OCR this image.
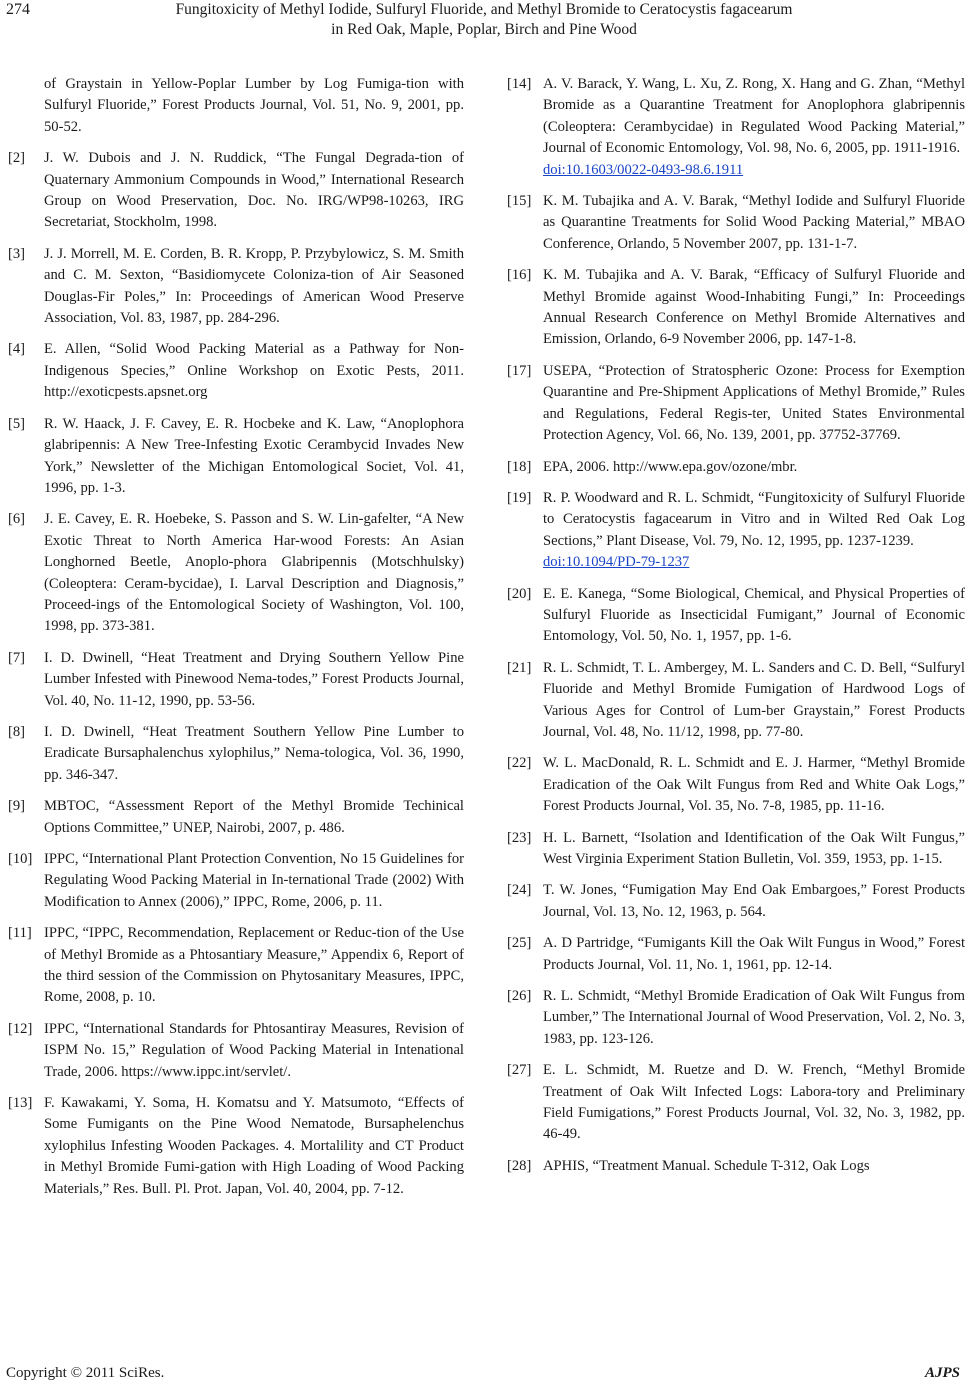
274	Fungitoxicity of Methyl Iodide, Sulfuryl Fluoride, and Methyl Bromide to Ceratocystis fagacearum
in Red Oak, Maple, Poplar, Birch and Pine Wood
of Graystain in Yellow-Poplar Lumber by Log Fumiga-tion with Sulfuryl Fluoride,” Forest Products Journal, Vol. 51, No. 9, 2001, pp. 50-52.
[2] J. W. Dubois and J. N. Ruddick, “The Fungal Degrada-tion of Quaternary Ammonium Compounds in Wood,” International Research Group on Wood Preservation, Doc. No. IRG/WP98-10263, IRG Secretariat, Stockholm, 1998.
[3] J. J. Morrell, M. E. Corden, B. R. Kropp, P. Przybylowicz, S. M. Smith and C. M. Sexton, “Basidiomycete Coloniza-tion of Air Seasoned Douglas-Fir Poles,” In: Proceedings of American Wood Preserve Association, Vol. 83, 1987, pp. 284-296.
[4] E. Allen, “Solid Wood Packing Material as a Pathway for Non-Indigenous Species,” Online Workshop on Exotic Pests, 2011. http://exoticpests.apsnet.org
[5] R. W. Haack, J. F. Cavey, E. R. Hocbeke and K. Law, “Anoplophora glabripennis: A New Tree-Infesting Exotic Cerambycid Invades New York,” Newsletter of the Michigan Entomological Societ, Vol. 41, 1996, pp. 1-3.
[6] J. E. Cavey, E. R. Hoebeke, S. Passon and S. W. Lin-gafelter, “A New Exotic Threat to North America Har-wood Forests: An Asian Longhorned Beetle, Anoplo-phora Glabripennis (Motschhulsky) (Coleoptera: Ceram-bycidae), I. Larval Description and Diagnosis,” Proceed-ings of the Entomological Society of Washington, Vol. 100, 1998, pp. 373-381.
[7] I. D. Dwinell, “Heat Treatment and Drying Southern Yellow Pine Lumber Infested with Pinewood Nema-todes,” Forest Products Journal, Vol. 40, No. 11-12, 1990, pp. 53-56.
[8] I. D. Dwinell, “Heat Treatment Southern Yellow Pine Lumber to Eradicate Bursaphalenchus xylophilus,” Nema-tologica, Vol. 36, 1990, pp. 346-347.
[9] MBTOC, “Assessment Report of the Methyl Bromide Techinical Options Committee,” UNEP, Nairobi, 2007, p. 486.
[10] IPPC, “International Plant Protection Convention, No 15 Guidelines for Regulating Wood Packing Material in In-ternational Trade (2002) With Modification to Annex (2006),” IPPC, Rome, 2006, p. 11.
[11] IPPC, “IPPC, Recommendation, Replacement or Reduc-tion of the Use of Methyl Bromide as a Phtosantiary Measure,” Appendix 6, Report of the third session of the Commission on Phytosanitary Measures, IPPC, Rome, 2008, p. 10.
[12] IPPC, “International Standards for Phtosantiray Measures, Revision of ISPM No. 15,” Regulation of Wood Packing Material in Intenational Trade, 2006. https://www.ippc.int/servlet/.
[13] F. Kawakami, Y. Soma, H. Komatsu and Y. Matsumoto, “Effects of Some Fumigants on the Pine Wood Nematode, Bursaphelenchus xylophilus Infesting Wooden Packages. 4. Mortalility and CT Product in Methyl Bromide Fumi-gation with High Loading of Wood Packing Materials,” Res. Bull. Pl. Prot. Japan, Vol. 40, 2004, pp. 7-12.
[14] A. V. Barack, Y. Wang, L. Xu, Z. Rong, X. Hang and G. Zhan, “Methyl Bromide as a Quarantine Treatment for Anoplophora glabripennis (Coleoptera: Cerambycidae) in Regulated Wood Packing Material,” Journal of Economic Entomology, Vol. 98, No. 6, 2005, pp. 1911-1916.
doi:10.1603/0022-0493-98.6.1911
[15] K. M. Tubajika and A. V. Barak, “Methyl Iodide and Sulfuryl Fluoride as Quarantine Treatments for Solid Wood Packing Material,” MBAO Conference, Orlando, 5 November 2007, pp. 131-1-7.
[16] K. M. Tubajika and A. V. Barak, “Efficacy of Sulfuryl Fluoride and Methyl Bromide against Wood-Inhabiting Fungi,” In: Proceedings Annual Research Conference on Methyl Bromide Alternatives and Emission, Orlando, 6-9 November 2006, pp. 147-1-8.
[17] USEPA, “Protection of Stratospheric Ozone: Process for Exemption Quarantine and Pre-Shipment Applications of Methyl Bromide,” Rules and Regulations, Federal Regis-ter, United States Environmental Protection Agency, Vol. 66, No. 139, 2001, pp. 37752-37769.
[18] EPA, 2006. http://www.epa.gov/ozone/mbr.
[19] R. P. Woodward and R. L. Schmidt, “Fungitoxicity of Sulfuryl Fluoride to Ceratocystis fagacearum in Vitro and in Wilted Red Oak Log Sections,” Plant Disease, Vol. 79, No. 12, 1995, pp. 1237-1239.
doi:10.1094/PD-79-1237
[20] E. E. Kanega, “Some Biological, Chemical, and Physical Properties of Sulfuryl Fluoride as Insecticidal Fumigant,” Journal of Economic Entomology, Vol. 50, No. 1, 1957, pp. 1-6.
[21] R. L. Schmidt, T. L. Ambergey, M. L. Sanders and C. D. Bell, “Sulfuryl Fluoride and Methyl Bromide Fumigation of Hardwood Logs of Various Ages for Control of Lum-ber Graystain,” Forest Products Journal, Vol. 48, No. 11/12, 1998, pp. 77-80.
[22] W. L. MacDonald, R. L. Schmidt and E. J. Harmer, “Methyl Bromide Eradication of the Oak Wilt Fungus from Red and White Oak Logs,” Forest Products Journal, Vol. 35, No. 7-8, 1985, pp. 11-16.
[23] H. L. Barnett, “Isolation and Identification of the Oak Wilt Fungus,” West Virginia Experiment Station Bulletin, Vol. 359, 1953, pp. 1-15.
[24] T. W. Jones, “Fumigation May End Oak Embargoes,” Forest Products Journal, Vol. 13, No. 12, 1963, p. 564.
[25] A. D Partridge, “Fumigants Kill the Oak Wilt Fungus in Wood,” Forest Products Journal, Vol. 11, No. 1, 1961, pp. 12-14.
[26] R. L. Schmidt, “Methyl Bromide Eradication of Oak Wilt Fungus from Lumber,” The International Journal of Wood Preservation, Vol. 2, No. 3, 1983, pp. 123-126.
[27] E. L. Schmidt, M. Ruetze and D. W. French, “Methyl Bromide Treatment of Oak Wilt Infected Logs: Labora-tory and Preliminary Field Fumigations,” Forest Products Journal, Vol. 32, No. 3, 1982, pp. 46-49.
[28] APHIS, “Treatment Manual. Schedule T-312, Oak Logs
Copyright © 2011 SciRes.	AJPS
